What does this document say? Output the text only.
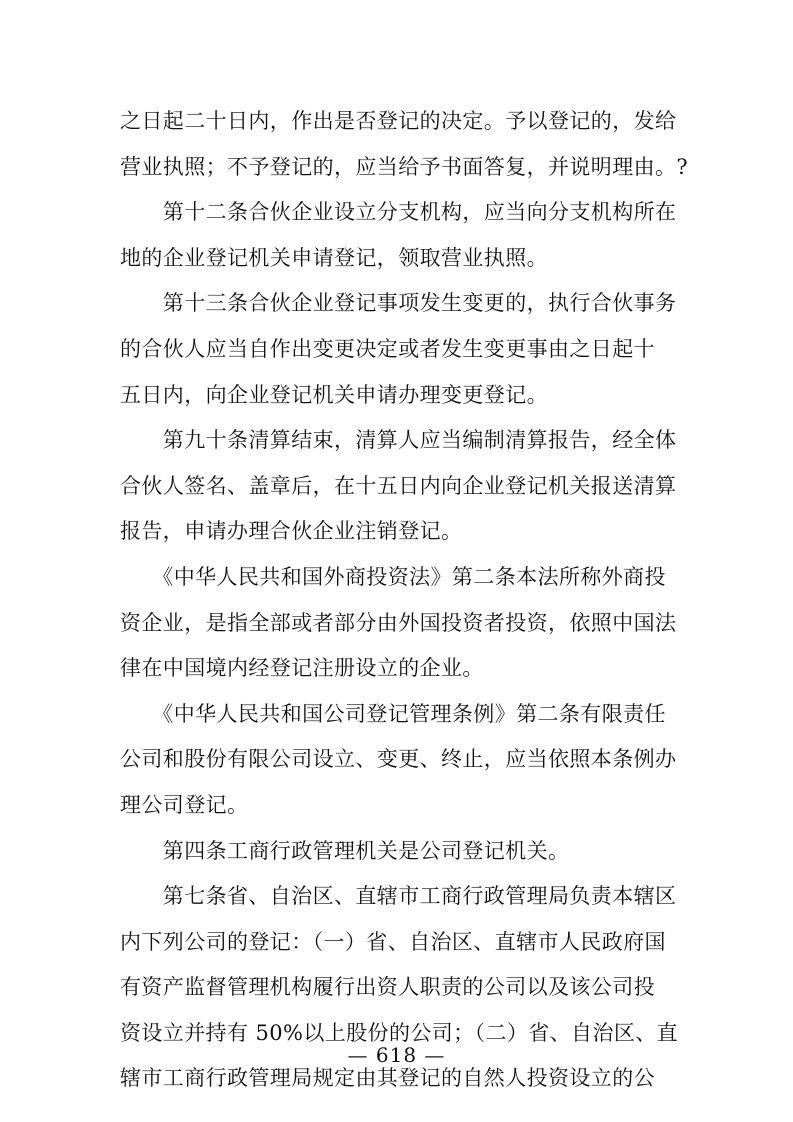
之日起二十日内，作出是否登记的决定。予以登记的，发给
营业执照；不予登记的，应当给予书面答复，并说明理由。?
　　第十二条合伙企业设立分支机构，应当向分支机构所在
地的企业登记机关申请登记，领取营业执照。
　　第十三条合伙企业登记事项发生变更的，执行合伙事务
的合伙人应当自作出变更决定或者发生变更事由之日起十
五日内，向企业登记机关申请办理变更登记。
　　第九十条清算结束，清算人应当编制清算报告，经全体
合伙人签名、盖章后，在十五日内向企业登记机关报送清算
报告，申请办理合伙企业注销登记。
　　《中华人民共和国外商投资法》第二条本法所称外商投
资企业，是指全部或者部分由外国投资者投资，依照中国法
律在中国境内经登记注册设立的企业。
　　《中华人民共和国公司登记管理条例》第二条有限责任
公司和股份有限公司设立、变更、终止，应当依照本条例办
理公司登记。
　　第四条工商行政管理机关是公司登记机关。
　　第七条省、自治区、直辖市工商行政管理局负责本辖区
内下列公司的登记：（一）省、自治区、直辖市人民政府国
有资产监督管理机构履行出资人职责的公司以及该公司投
资设立并持有 50%以上股份的公司；（二）省、自治区、直
辖市工商行政管理局规定由其登记的自然人投资设立的公
— 618 —
